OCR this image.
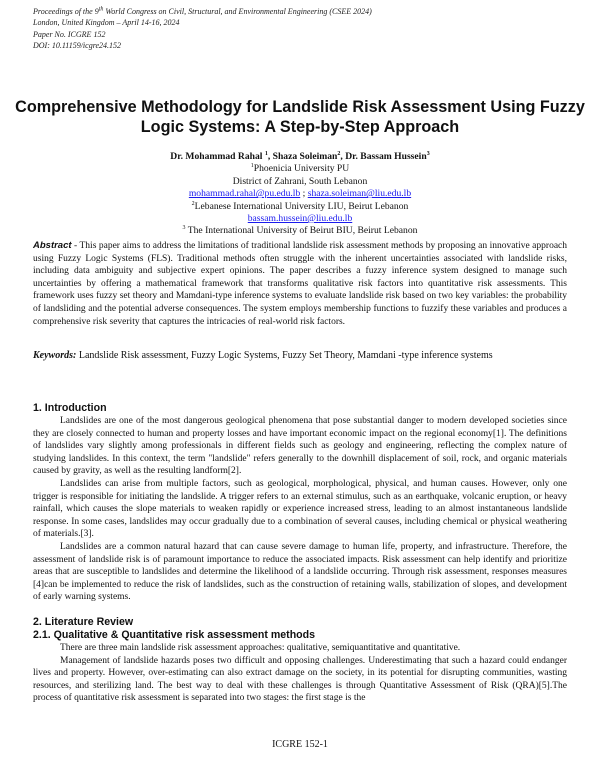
Proceedings of the 9th World Congress on Civil, Structural, and Environmental Engineering (CSEE 2024)
London, United Kingdom – April 14-16, 2024
Paper No. ICGRE 152
DOI: 10.11159/icgre24.152
Comprehensive Methodology for Landslide Risk Assessment Using Fuzzy Logic Systems: A Step-by-Step Approach
Dr. Mohammad Rahal $^1$, Shaza Soleiman$^2$, Dr. Bassam Hussein$^3$
$^1$Phoenicia University PU
District of Zahrani, South Lebanon
mohammad.rahal@pu.edu.lb ; shaza.soleiman@liu.edu.lb
$^2$Lebanese International University LIU, Beirut Lebanon
bassam.hussein@liu.edu.lb
$^3$ The International University of Beirut BIU, Beirut Lebanon
Abstract - This paper aims to address the limitations of traditional landslide risk assessment methods by proposing an innovative approach using Fuzzy Logic Systems (FLS). Traditional methods often struggle with the inherent uncertainties associated with landslide risks, including data ambiguity and subjective expert opinions. The paper describes a fuzzy inference system designed to manage such uncertainties by offering a mathematical framework that transforms qualitative risk factors into quantitative risk assessments. This framework uses fuzzy set theory and Mamdani-type inference systems to evaluate landslide risk based on two key variables: the probability of landsliding and the potential adverse consequences. The system employs membership functions to fuzzify these variables and produces a comprehensive risk severity that captures the intricacies of real-world risk factors.
Keywords: Landslide Risk assessment, Fuzzy Logic Systems, Fuzzy Set Theory, Mamdani -type inference systems
1. Introduction

Landslides are one of the most dangerous geological phenomena that pose substantial danger to modern developed societies since they are closely connected to human and property losses and have important economic impact on the regional economy[1]. The definitions of landslides vary slightly among professionals in different fields such as geology and engineering, reflecting the complex nature of studying landslides. In this context, the term "landslide" refers generally to the downhill displacement of soil, rock, and organic materials caused by gravity, as well as the resulting landform[2].

Landslides can arise from multiple factors, such as geological, morphological, physical, and human causes. However, only one trigger is responsible for initiating the landslide. A trigger refers to an external stimulus, such as an earthquake, volcanic eruption, or heavy rainfall, which causes the slope materials to weaken rapidly or experience increased stress, leading to an almost instantaneous landslide response. In some cases, landslides may occur gradually due to a combination of several causes, including chemical or physical weathering of materials.[3].

Landslides are a common natural hazard that can cause severe damage to human life, property, and infrastructure. Therefore, the assessment of landslide risk is of paramount importance to reduce the associated impacts. Risk assessment can help identify and prioritize areas that are susceptible to landslides and determine the likelihood of a landslide occurring. Through risk assessment, responses measures [4]can be implemented to reduce the risk of landslides, such as the construction of retaining walls, stabilization of slopes, and development of early warning systems.

2. Literature Review
2.1. Qualitative & Quantitative risk assessment methods

There are three main landslide risk assessment approaches: qualitative, semiquantitative and quantitative.

Management of landslide hazards poses two difficult and opposing challenges. Underestimating that such a hazard could endanger lives and property. However, over-estimating can also extract damage on the society, in its potential for disrupting communities, wasting resources, and sterilizing land. The best way to deal with these challenges is through Quantitative Assessment of Risk (QRA)[5].The process of quantitative risk assessment is separated into two stages: the first stage is the

ICGRE 152-1
